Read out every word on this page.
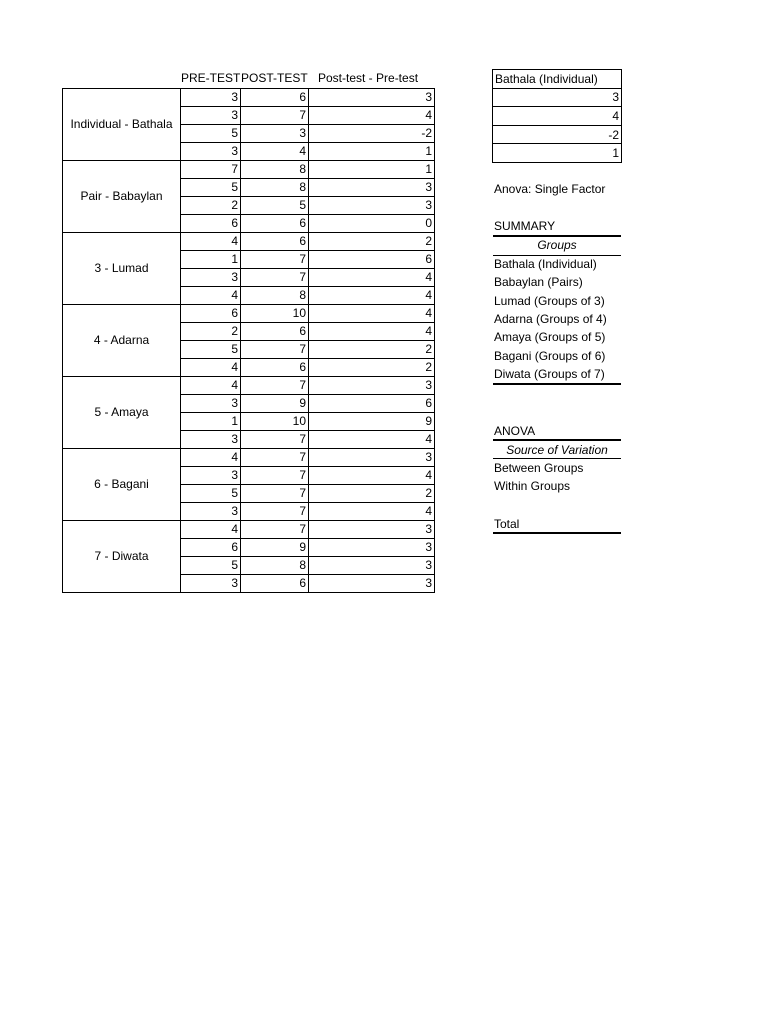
PRE-TEST POST-TEST Post-test - Pre-test
Individual - Bathala	3	6	3
	3	7	4
	5	3	-2
	3	4	1
Pair - Babaylan	7	8	1
	5	8	3
	2	5	3
	6	6	0
3 - Lumad	4	6	2
	1	7	6
	3	7	4
	4	8	4
4 - Adarna	6	10	4
	2	6	4
	5	7	2
	4	6	2
5 - Amaya	4	7	3
	3	9	6
	1	10	9
	3	7	4
6 - Bagani	4	7	3
	3	7	4
	5	7	2
	3	7	4
7 - Diwata	4	7	3
	6	9	3
	5	8	3
	3	6	3
Bathala (Individual)
3
4
-2
1
Anova: Single Factor
SUMMARY
Groups
Bathala (Individual)
Babaylan (Pairs)
Lumad (Groups of 3)
Adarna (Groups of 4)
Amaya (Groups of 5)
Bagani (Groups of 6)
Diwata (Groups of 7)
ANOVA
Source of Variation
Between Groups
Within Groups
Total
